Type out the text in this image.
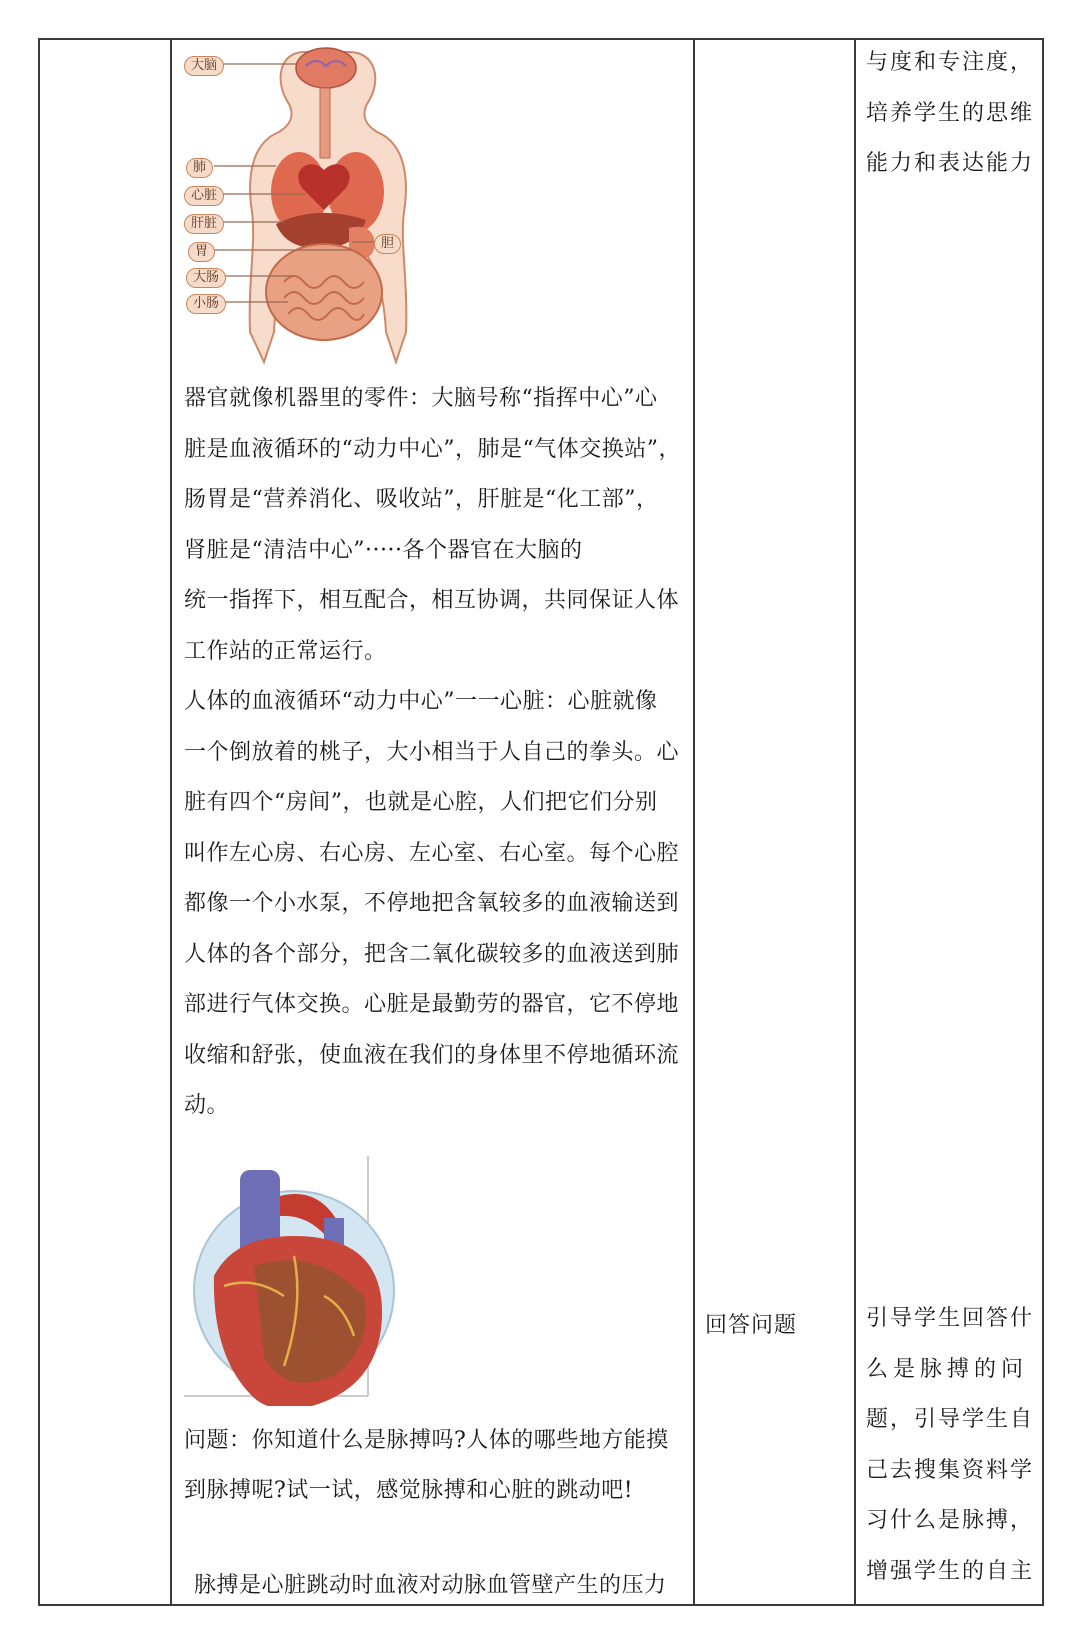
大脑
肺
心脏
肝脏
胃
大肠
小肠
胆

器官就像机器里的零件：大脑号称“指挥中心”心

脏是血液循环的“动力中心”，肺是“气体交换站”，

肠胃是“营养消化、吸收站”，肝脏是“化工部”，

肾脏是“清洁中心”·····各个器官在大脑的

统一指挥下，相互配合，相互协调，共同保证人体

工作站的正常运行。

人体的血液循环“动力中心”一一心脏：心脏就像

一个倒放着的桃子，大小相当于人自己的拳头。心

脏有四个“房间”，也就是心腔，人们把它们分别

叫作左心房、右心房、左心室、右心室。每个心腔

都像一个小水泵，不停地把含氧较多的血液输送到

人体的各个部分，把含二氧化碳较多的血液送到肺

部进行气体交换。心脏是最勤劳的器官，它不停地

收缩和舒张，使血液在我们的身体里不停地循环流

动。

问题：你知道什么是脉搏吗?人体的哪些地方能摸

到脉搏呢?试一试，感觉脉搏和心脏的跳动吧!

脉搏是心脏跳动时血液对动脉血管壁产生的压力

回答问题

与度和专注度，

培养学生的思维

能力和表达能力

引导学生回答什

么是脉搏的问

题，引导学生自

己去搜集资料学

习什么是脉搏，

增强学生的自主
